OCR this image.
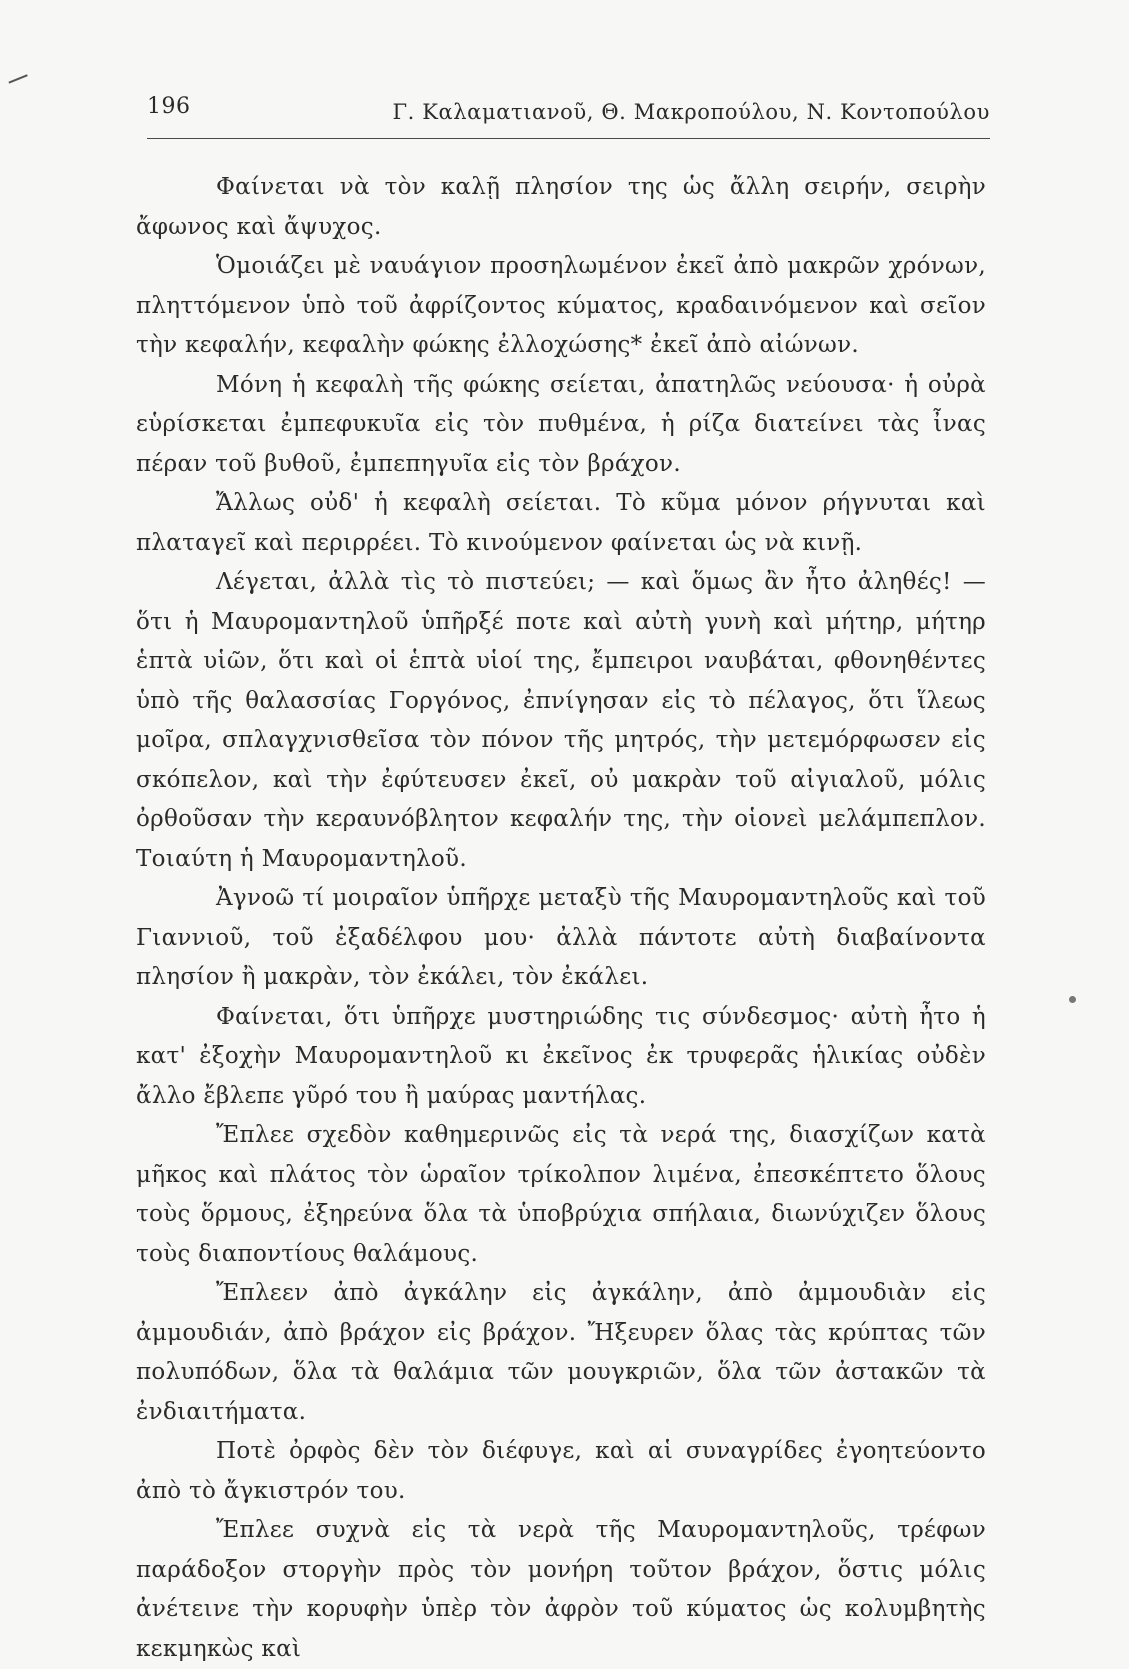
196	Γ. Καλαματιανοῦ, Θ. Μακροπούλου, Ν. Κοντοπούλου

Φαίνεται νὰ τὸν καλῇ πλησίον της ὡς ἄλλη σειρήν, σειρὴν ἄφωνος καὶ ἄψυχος.

Ὁμοιάζει μὲ ναυάγιον προσηλωμένον ἐκεῖ ἀπὸ μακρῶν χρόνων, πληττόμενον ὑπὸ τοῦ ἀφρίζοντος κύματος, κραδαινόμενον καὶ σεῖον τὴν κεφαλήν, κεφαλὴν φώκης ἐλλοχώσης* ἐκεῖ ἀπὸ αἰώνων.

Μόνη ἡ κεφαλὴ τῆς φώκης σείεται, ἀπατηλῶς νεύουσα· ἡ οὐρὰ εὑρίσκεται ἐμπεφυκυῖα εἰς τὸν πυθμένα, ἡ ρίζα διατείνει τὰς ἶνας πέραν τοῦ βυθοῦ, ἐμπεπηγυῖα εἰς τὸν βράχον.

Ἄλλως οὐδ' ἡ κεφαλὴ σείεται. Τὸ κῦμα μόνον ρήγνυται καὶ πλαταγεῖ καὶ περιρρέει. Τὸ κινούμενον φαίνεται ὡς νὰ κινῇ.

Λέγεται, ἀλλὰ τὶς τὸ πιστεύει; — καὶ ὅμως ἂν ἦτο ἀληθές! — ὅτι ἡ Μαυρομαντηλοῦ ὑπῆρξέ ποτε καὶ αὐτὴ γυνὴ καὶ μήτηρ, μήτηρ ἑπτὰ υἱῶν, ὅτι καὶ οἱ ἑπτὰ υἱοί της, ἔμπειροι ναυβάται, φθονηθέντες ὑπὸ τῆς θαλασσίας Γοργόνος, ἐπνίγησαν εἰς τὸ πέλαγος, ὅτι ἵλεως μοῖρα, σπλαγχνισθεῖσα τὸν πόνον τῆς μητρός, τὴν μετεμόρφωσεν εἰς σκόπελον, καὶ τὴν ἐφύτευσεν ἐκεῖ, οὐ μακρὰν τοῦ αἰγιαλοῦ, μόλις ὀρθοῦσαν τὴν κεραυνόβλητον κεφαλήν της, τὴν οἱονεὶ μελάμπεπλον. Τοιαύτη ἡ Μαυρομαντηλοῦ.

Ἀγνοῶ τί μοιραῖον ὑπῆρχε μεταξὺ τῆς Μαυρομαντηλοῦς καὶ τοῦ Γιαννιοῦ, τοῦ ἐξαδέλφου μου· ἀλλὰ πάντοτε αὐτὴ διαβαίνοντα πλησίον ἢ μακρὰν, τὸν ἐκάλει, τὸν ἐκάλει.

Φαίνεται, ὅτι ὑπῆρχε μυστηριώδης τις σύνδεσμος· αὐτὴ ἦτο ἡ κατ' ἐξοχὴν Μαυρομαντηλοῦ κι ἐκεῖνος ἐκ τρυφερᾶς ἡλικίας οὐδὲν ἄλλο ἔβλεπε γῦρό του ἢ μαύρας μαντήλας.

Ἔπλεε σχεδὸν καθημερινῶς εἰς τὰ νερά της, διασχίζων κατὰ μῆκος καὶ πλάτος τὸν ὡραῖον τρίκολπον λιμένα, ἐπεσκέπτετο ὅλους τοὺς ὅρμους, ἐξηρεύνα ὅλα τὰ ὑποβρύχια σπήλαια, διωνύχιζεν ὅλους τοὺς διαποντίους θαλάμους.

Ἔπλεεν ἀπὸ ἀγκάλην εἰς ἀγκάλην, ἀπὸ ἀμμουδιὰν εἰς ἀμμουδιάν, ἀπὸ βράχον εἰς βράχον. Ἤξευρεν ὅλας τὰς κρύπτας τῶν πολυπόδων, ὅλα τὰ θαλάμια τῶν μουγκριῶν, ὅλα τῶν ἀστακῶν τὰ ἐνδιαιτήματα.

Ποτὲ ὀρφὸς δὲν τὸν διέφυγε, καὶ αἱ συναγρίδες ἐγοητεύοντο ἀπὸ τὸ ἄγκιστρόν του.

Ἔπλεε συχνὰ εἰς τὰ νερὰ τῆς Μαυρομαντηλοῦς, τρέφων παράδοξον στοργὴν πρὸς τὸν μονήρη τοῦτον βράχον, ὅστις μόλις ἀνέτεινε τὴν κορυφὴν ὑπὲρ τὸν ἀφρὸν τοῦ κύματος ὡς κολυμβητὴς κεκμηκὼς καὶ
